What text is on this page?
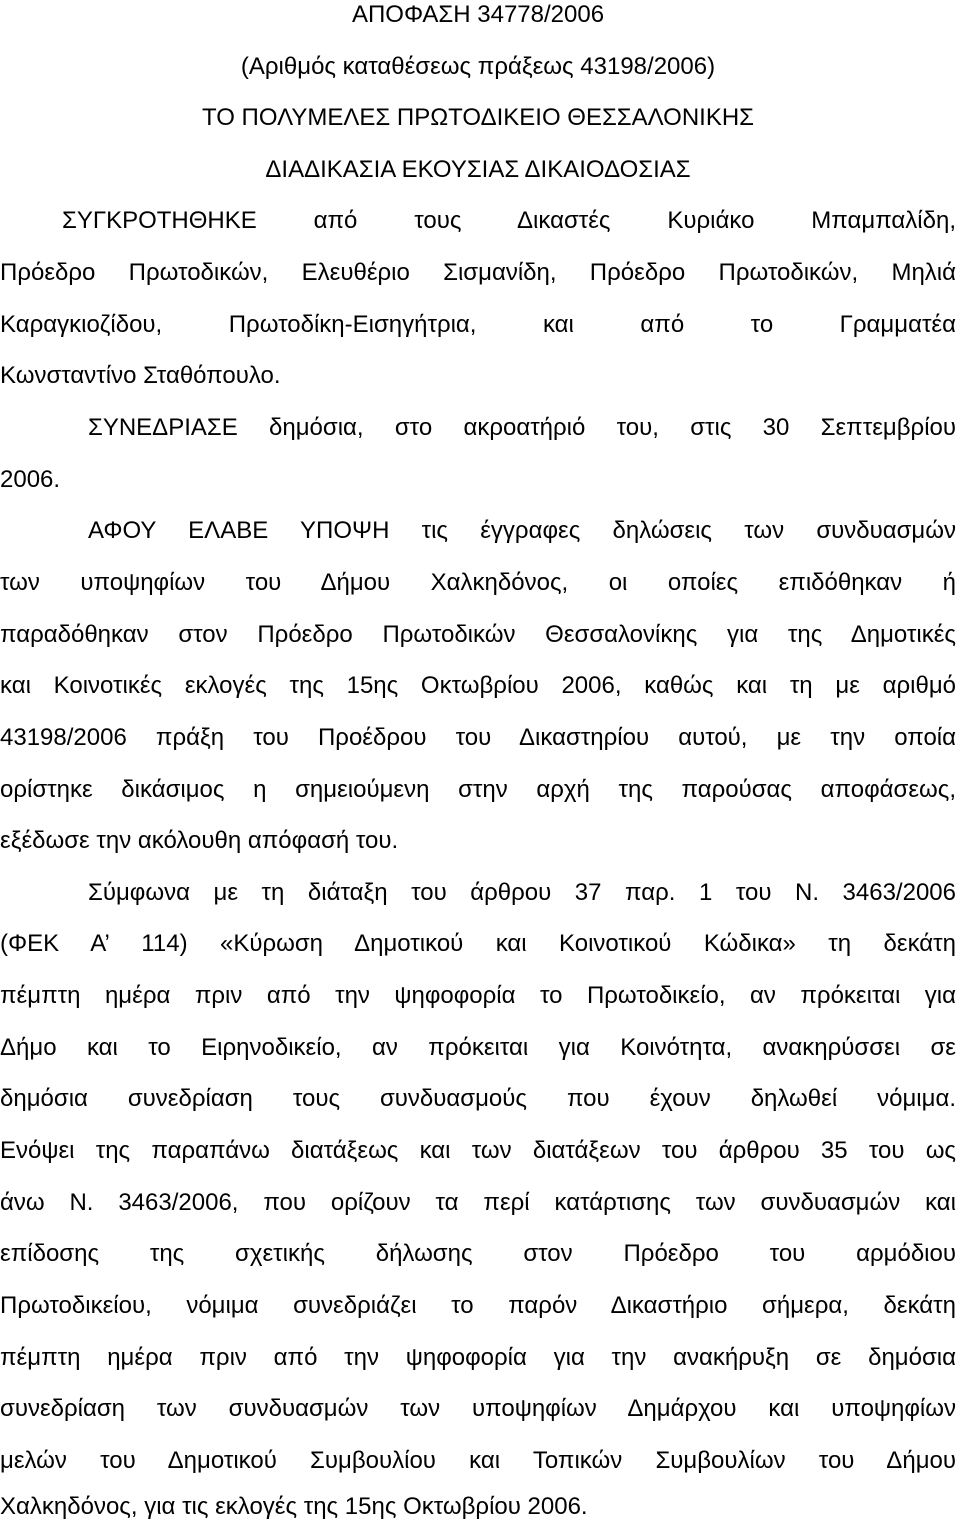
ΑΠΟΦΑΣΗ 34778/2006
(Αριθμός καταθέσεως πράξεως 43198/2006)
ΤΟ ΠΟΛΥΜΕΛΕΣ ΠΡΩΤΟΔΙΚΕΙΟ ΘΕΣΣΑΛΟΝΙΚΗΣ
ΔΙΑΔΙΚΑΣΙΑ ΕΚΟΥΣΙΑΣ ΔΙΚΑΙΟΔΟΣΙΑΣ
ΣΥΓΚΡΟΤΗΘΗΚΕ από τους Δικαστές Κυριάκο Μπαμπαλίδη,
Πρόεδρο Πρωτοδικών, Ελευθέριο Σισμανίδη, Πρόεδρο Πρωτοδικών, Μηλιά
Καραγκιοζίδου, Πρωτοδίκη-Εισηγήτρια, και από το Γραμματέα
Κωνσταντίνο Σταθόπουλο.
ΣΥΝΕΔΡΙΑΣΕ δημόσια, στο ακροατήριό του, στις 30 Σεπτεμβρίου
2006.
ΑΦΟΥ ΕΛΑΒΕ ΥΠΟΨΗ τις έγγραφες δηλώσεις των συνδυασμών
των υποψηφίων του Δήμου Χαλκηδόνος, οι οποίες επιδόθηκαν ή
παραδόθηκαν στον Πρόεδρο Πρωτοδικών Θεσσαλονίκης για της Δημοτικές
και Κοινοτικές εκλογές της 15ης Οκτωβρίου 2006, καθώς και τη με αριθμό
43198/2006 πράξη του Προέδρου του Δικαστηρίου αυτού, με την οποία
ορίστηκε δικάσιμος η σημειούμενη στην αρχή της παρούσας αποφάσεως,
εξέδωσε την ακόλουθη απόφασή του.
Σύμφωνα με τη διάταξη του άρθρου 37 παρ. 1 του Ν. 3463/2006
(ΦΕΚ Α’ 114) «Κύρωση Δημοτικού και Κοινοτικού Κώδικα» τη δεκάτη
πέμπτη ημέρα πριν από την ψηφοφορία το Πρωτοδικείο, αν πρόκειται για
Δήμο και το Ειρηνοδικείο, αν πρόκειται για Κοινότητα, ανακηρύσσει σε
δημόσια συνεδρίαση τους συνδυασμούς που έχουν δηλωθεί νόμιμα.
Ενόψει της παραπάνω διατάξεως και των διατάξεων του άρθρου 35 του ως
άνω Ν. 3463/2006, που ορίζουν τα περί κατάρτισης των συνδυασμών και
επίδοσης της σχετικής δήλωσης στον Πρόεδρο του αρμόδιου
Πρωτοδικείου, νόμιμα συνεδριάζει το παρόν Δικαστήριο σήμερα, δεκάτη
πέμπτη ημέρα πριν από την ψηφοφορία για την ανακήρυξη σε δημόσια
συνεδρίαση των συνδυασμών των υποψηφίων Δημάρχου και υποψηφίων
μελών του Δημοτικού Συμβουλίου και Τοπικών Συμβουλίων του Δήμου
Χαλκηδόνος, για τις εκλογές της 15ης Οκτωβρίου 2006.
